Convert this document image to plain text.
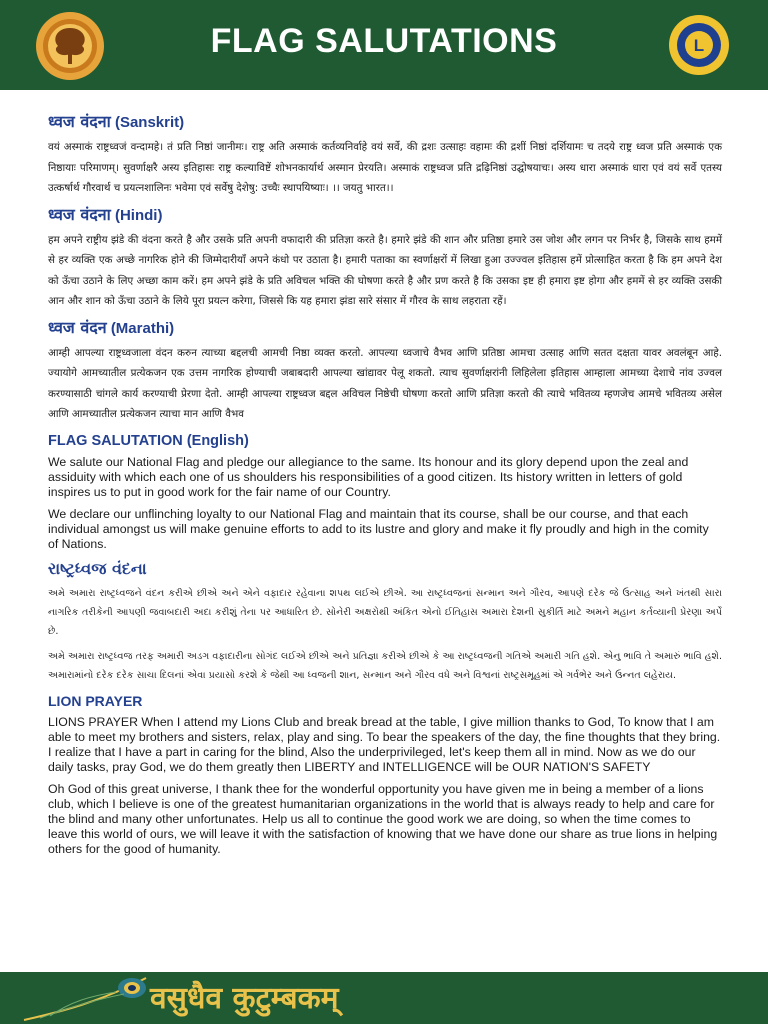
FLAG SALUTATIONS	L
ध्वज वंदना (Sanskrit)

वयं अस्माकं राष्ट्रध्वजं वन्दामहे। तं प्रति निष्ठां जानीमः। राष्ट्र अति अस्माकं कर्तव्यनिर्वाहे वयं सर्वे, की द्रशः उत्साहः वहामः की द्रशीं निष्ठां दर्शियामः च तदये राष्ट्र ध्वज प्रति अस्माकं एक निष्ठायाः परिमाणम्। सुवर्णाक्षरै अस्य इतिहासः राष्ट्र कल्याविष्टें शोभनकार्यार्थ अस्मान प्रेरयति। अस्माकं राष्ट्रध्वज प्रति द्रढ़िनिष्ठां उद्घोषयाचः। अस्य धारा अस्माकं धारा एवं वयं सर्वे एतस्य उत्कर्षार्थ गौरवार्थ च प्रयत्नशालिनः भवेमा एवं सर्वेषु देशेषु: उच्चैः स्थापयिष्याः। ।। जयतु भारत।।

ध्वज वंदना (Hindi)

हम अपने राष्ट्रीय झंडे की वंदना करते है और उसके प्रति अपनी वफादारी की प्रतिज्ञा करते है। हमारे झंडे की शान और प्रतिष्ठा हमारे उस जोश और लगन पर निर्भर है, जिसके साथ हममें से हर व्यक्ति एक अच्छे नागरिक होने की जिम्मेदारीयाँ अपने कंधो पर उठाता है। हमारी पताका का स्वर्णाक्षरों में लिखा हुआ उज्ज्वल इतिहास हमें प्रोत्साहित करता है कि हम अपने देश को ऊँचा उठाने के लिए अच्छा काम करें। हम अपने झंडे के प्रति अविचल भक्ति की घोषणा करते है और प्रण करते है कि उसका इष्ट ही हमारा इष्ट होगा और हममें से हर व्यक्ति उसकी आन और शान को ऊँचा उठाने के लिये पूरा प्रयत्न करेगा, जिससे कि यह हमारा झंडा सारे संसार में गौरव के साथ लहराता रहें।

ध्वज वंदन (Marathi)

आम्ही आपल्या राष्ट्रध्वजाला वंदन करुन त्याच्या बद्दलची आमची निष्ठा व्यक्त करतो. आपल्या ध्वजाचे वैभव आणि प्रतिष्ठा आमचा उत्साह आणि सतत दक्षता यावर अवलंबून आहे. ज्यायोगे आमच्यातील प्रत्येकजन एक उत्तम नागरिक होण्याची जबाबदारी आपल्या खांद्यावर पेलू शकतो. त्याच सुवर्णाक्षरांनी लिहिलेला इतिहास आम्हाला आमच्या देशाचे नांव उज्वल करण्यासाठी चांगले कार्य करण्याची प्रेरणा देतो. आम्ही आपल्या राष्ट्रध्वज बद्दल अविचल निष्ठेची घोषणा करतो आणि प्रतिज्ञा करतो की त्याचे भवितव्य म्हणजेच आमचे भवितव्य असेल आणि आमच्यातील प्रत्येकजन त्याचा मान आणि वैभव

FLAG SALUTATION (English)

We salute our National Flag and pledge our allegiance to the same. Its honour and its glory depend upon the zeal and assiduity with which each one of us shoulders his responsibilities of a good citizen. Its history written in letters of gold inspires us to put in good work for the fair name of our Country.

We declare our unflinching loyalty to our National Flag and maintain that its course, shall be our course, and that each individual amongst us will make genuine efforts to add to its lustre and glory and make it fly proudly and high in the comity of Nations.

રાષ્ટ્રધ્વજ વંદના

અમે અમારા રાષ્ટ્રધ્વજને વંદન કરીએ છીએ અને એને વફાદાર રહેવાના શપથ લઈએ છીએ. આ રાષ્ટ્રધ્વજનાં સન્માન અને ગૌરવ, આપણે દરેક જે ઉત્સાહ અને ખંતથી સારા નાગરિક તરીકેની આપણી જવાબદારી અદા કરીશું તેના પર આધારિત છે. સોનેરી અક્ષરોથી અંકિત એનો ઈતિહાસ અમારા દેશની સુકીર્તિ માટે અમને મહાન કર્તવ્યાની પ્રેરણા અર્પે છે.

અમે અમારા રાષ્ટ્રધ્વજ તરફ અમારી અડગ વફાદારીના સોગંદ લઈએ છીએ અને પ્રતિજ્ઞા કરીએ છીએ કે આ રાષ્ટ્રધ્વજની ગતિએ અમારી ગતિ હશે. એનુ ભાવિ તે અમારું ભાવિ હશે. અમારામાંનો દરેક દરેક સાચા દિલનાં એવા પ્રયાસો કરશે કે જેથી આ ધ્વજની શાન, સન્માન અને ગૌરવ વધે અને વિશ્વનાં રાષ્ટ્રસમૂહમાં એ ગર્વભેર અને ઉન્નત લહેરાય.

LION PRAYER

LIONS PRAYER When I attend my Lions Club and break bread at the table, I give million thanks to God, To know that I am able to meet my brothers and sisters, relax, play and sing. To bear the speakers of the day, the fine thoughts that they bring. I realize that I have a part in caring for the blind, Also the underprivileged, let's keep them all in mind. Now as we do our daily tasks, pray God, we do them greatly then LIBERTY and INTELLIGENCE will be OUR NATION'S SAFETY

Oh God of this great universe, I thank thee for the wonderful opportunity you have given me in being a member of a lions club, which I believe is one of the greatest humanitarian organizations in the world that is always ready to help and care for the blind and many other unfortunates. Help us all to continue the good work we are doing, so when the time comes to leave this world of ours, we will leave it with the satisfaction of knowing that we have done our share as true lions in helping others for the good of humanity.

वसुधैव कुटुम्बकम्
